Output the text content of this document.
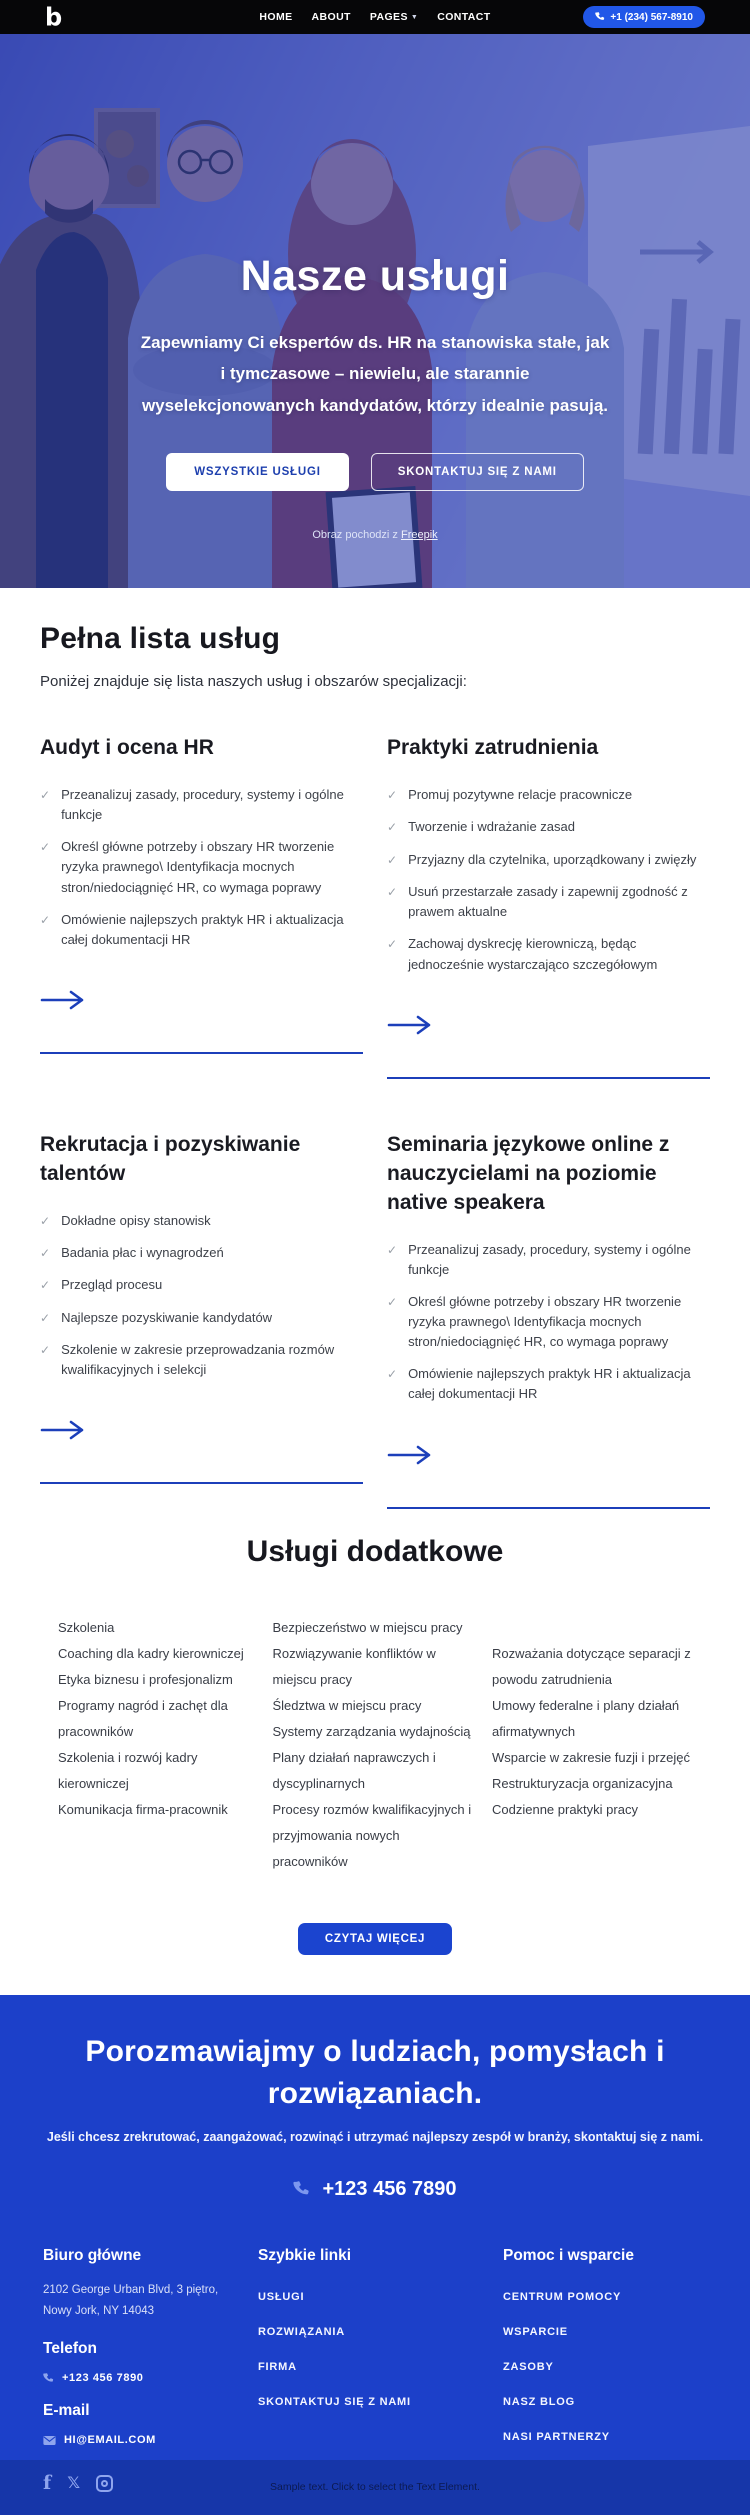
b	HOME ABOUT PAGES ▼ CONTACT	+1 (234) 567-8910
Nasze usługi

Zapewniamy Ci ekspertów ds. HR na stanowiska stałe, jak i tymczasowe – niewielu, ale starannie wyselekcjonowanych kandydatów, którzy idealnie pasują.

WSZYSTKIE USŁUGI	SKONTAKTUJ SIĘ Z NAMI
Obraz pochodzi z Freepik
Pełna lista usług

Poniżej znajduje się lista naszych usług i obszarów specjalizacji:

Audyt i ocena HR
✓ Przeanalizuj zasady, procedury, systemy i ogólne funkcje
✓ Określ główne potrzeby i obszary HR tworzenie ryzyka prawnego\ Identyfikacja mocnych stron/niedociągnięć HR, co wymaga poprawy
✓ Omówienie najlepszych praktyk HR i aktualizacja całej dokumentacji HR
Praktyki zatrudnienia
✓ Promuj pozytywne relacje pracownicze
✓ Tworzenie i wdrażanie zasad
✓ Przyjazny dla czytelnika, uporządkowany i zwięzły
✓ Usuń przestarzałe zasady i zapewnij zgodność z prawem aktualne
✓ Zachowaj dyskrecję kierowniczą, będąc jednocześnie wystarczająco szczegółowym
Rekrutacja i pozyskiwanie talentów
✓ Dokładne opisy stanowisk
✓ Badania płac i wynagrodzeń
✓ Przegląd procesu
✓ Najlepsze pozyskiwanie kandydatów
✓ Szkolenie w zakresie przeprowadzania rozmów kwalifikacyjnych i selekcji
Seminaria językowe online z nauczycielami na poziomie native speakera
✓ Przeanalizuj zasady, procedury, systemy i ogólne funkcje
✓ Określ główne potrzeby i obszary HR tworzenie ryzyka prawnego\ Identyfikacja mocnych stron/niedociągnięć HR, co wymaga poprawy
✓ Omówienie najlepszych praktyk HR i aktualizacja całej dokumentacji HR
Usługi dodatkowe
Szkolenia
Coaching dla kadry kierowniczej
Etyka biznesu i profesjonalizm
Programy nagród i zachęt dla pracowników
Szkolenia i rozwój kadry kierowniczej
Komunikacja firma-pracownik
Bezpieczeństwo w miejscu pracy
Rozwiązywanie konfliktów w miejscu pracy
Śledztwa w miejscu pracy
Systemy zarządzania wydajnością
Plany działań naprawczych i dyscyplinarnych
Procesy rozmów kwalifikacyjnych i przyjmowania nowych pracowników
Rozważania dotyczące separacji z powodu zatrudnienia
Umowy federalne i plany działań afirmatywnych
Wsparcie w zakresie fuzji i przejęć
Restrukturyzacja organizacyjna
Codzienne praktyki pracy
CZYTAJ WIĘCEJ
Porozmawiajmy o ludziach, pomysłach i rozwiązaniach.

Jeśli chcesz zrekrutować, zaangażować, rozwinąć i utrzymać najlepszy zespół w branży, skontaktuj się z nami.

+123 456 7890
Biuro główne

2102 George Urban Blvd, 3 piętro,
Nowy Jork, NY 14043

Telefon
+123 456 7890
E-mail
HI@EMAIL.COM
f 𝕏
Szybkie linki
USŁUGI
ROZWIĄZANIA
FIRMA
SKONTAKTUJ SIĘ Z NAMI
Pomoc i wsparcie
CENTRUM POMOCY
WSPARCIE
ZASOBY
NASZ BLOG
NASI PARTNERZY
Sample text. Click to select the Text Element.
